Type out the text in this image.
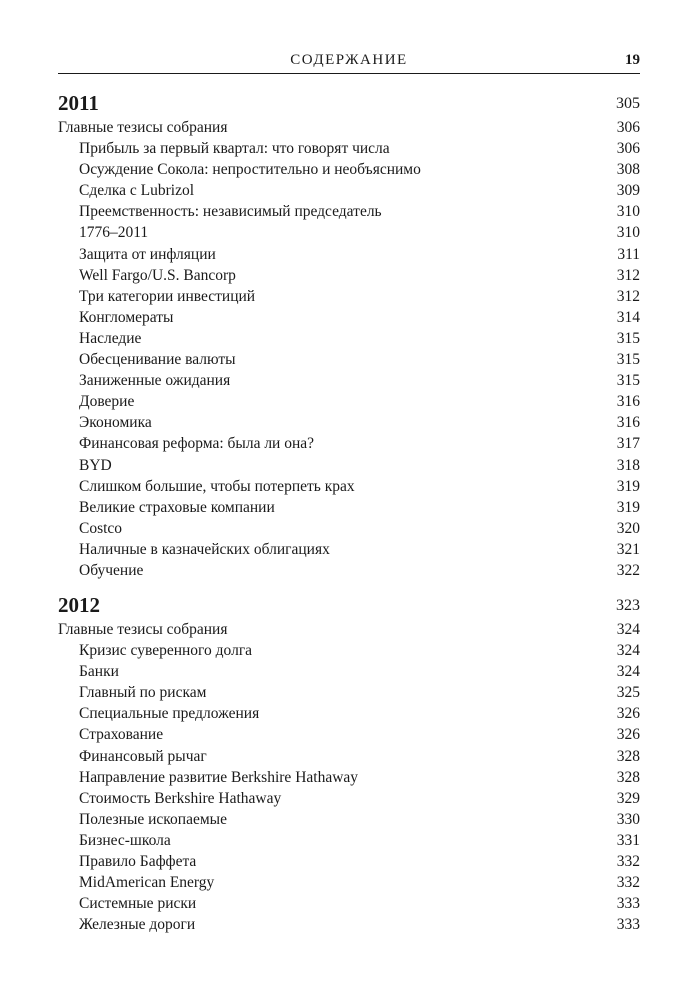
СОДЕРЖАНИЕ	19
2011	305
Главные тезисы собрания	306
Прибыль за первый квартал: что говорят числа	306
Осуждение Сокола: непростительно и необъяснимо	308
Сделка с Lubrizol	309
Преемственность: независимый председатель	310
1776–2011	310
Защита от инфляции	311
Well Fargo/U.S. Bancorp	312
Три категории инвестиций	312
Конгломераты	314
Наследие	315
Обесценивание валюты	315
Заниженные ожидания	315
Доверие	316
Экономика	316
Финансовая реформа: была ли она?	317
BYD	318
Слишком большие, чтобы потерпеть крах	319
Великие страховые компании	319
Costco	320
Наличные в казначейских облигациях	321
Обучение	322
2012	323
Главные тезисы собрания	324
Кризис суверенного долга	324
Банки	324
Главный по рискам	325
Специальные предложения	326
Страхование	326
Финансовый рычаг	328
Направление развитие Berkshire Hathaway	328
Стоимость Berkshire Hathaway	329
Полезные ископаемые	330
Бизнес-школа	331
Правило Баффета	332
MidAmerican Energy	332
Системные риски	333
Железные дороги	333
